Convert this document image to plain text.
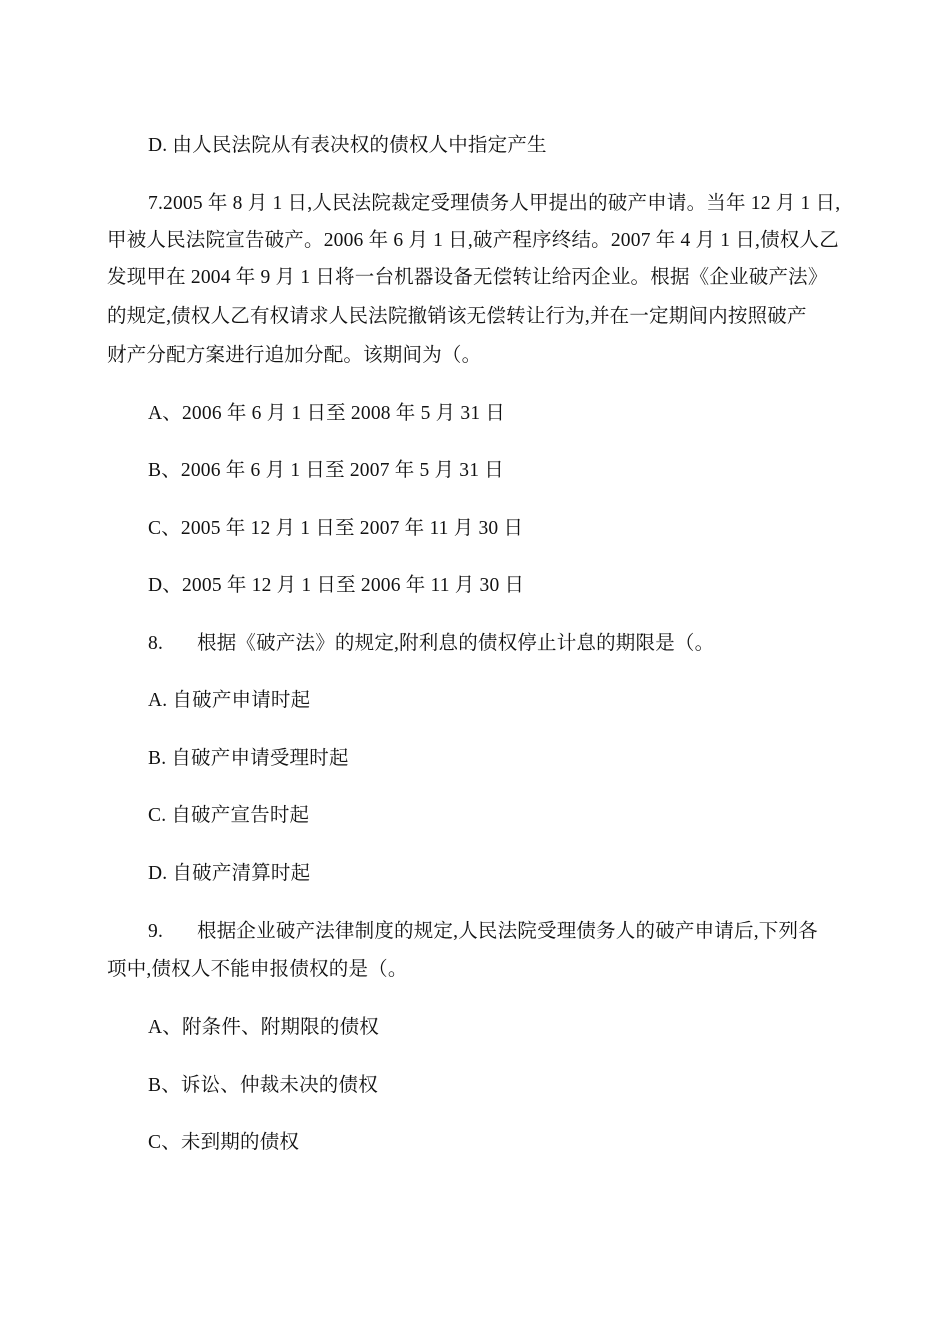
D. 由人民法院从有表决权的债权人中指定产生
7.2005 年 8 月 1 日,人民法院裁定受理债务人甲提出的破产申请。当年 12 月 1 日,
甲被人民法院宣告破产。2006 年 6 月 1 日,破产程序终结。2007 年 4 月 1 日,债权人乙
发现甲在 2004 年 9 月 1 日将一台机器设备无偿转让给丙企业。根据《企业破产法》
的规定,债权人乙有权请求人民法院撤销该无偿转让行为,并在一定期间内按照破产
财产分配方案进行追加分配。该期间为（。
A、2006 年 6 月 1 日至 2008 年 5 月 31 日
B、2006 年 6 月 1 日至 2007 年 5 月 31 日
C、2005 年 12 月 1 日至 2007 年 11 月 30 日
D、2005 年 12 月 1 日至 2006 年 11 月 30 日
8. 根据《破产法》的规定,附利息的债权停止计息的期限是（。
A. 自破产申请时起
B. 自破产申请受理时起
C. 自破产宣告时起
D. 自破产清算时起
9. 根据企业破产法律制度的规定,人民法院受理债务人的破产申请后,下列各
项中,债权人不能申报债权的是（。
A、附条件、附期限的债权
B、诉讼、仲裁未决的债权
C、未到期的债权
